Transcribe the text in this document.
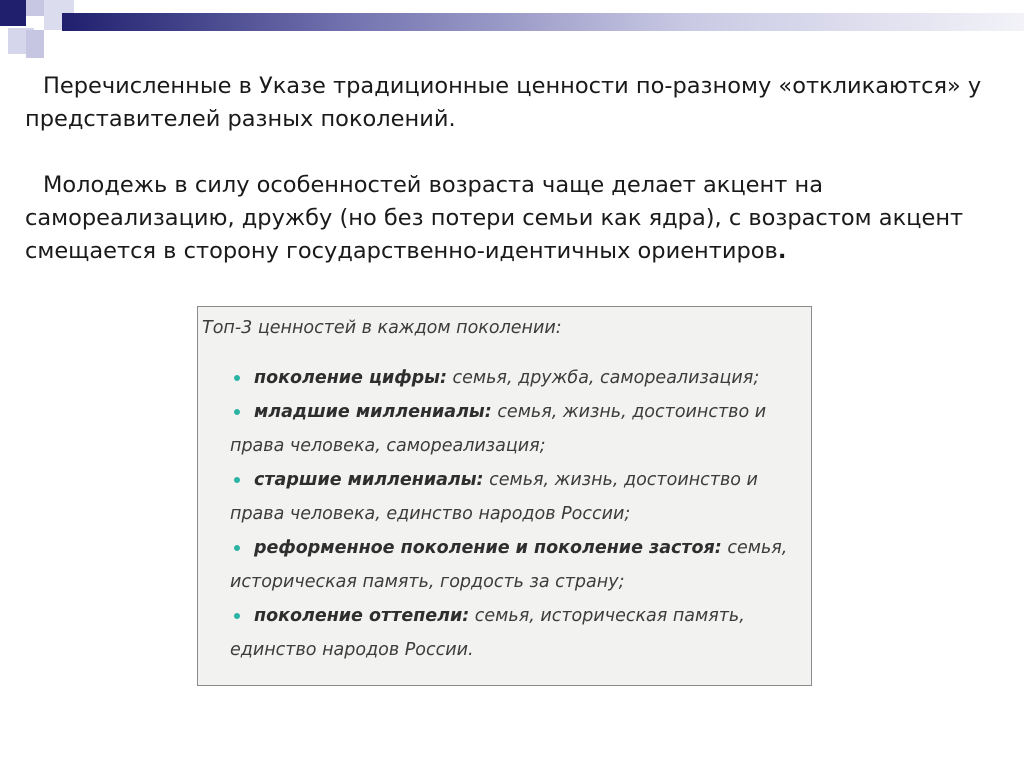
Перечисленные в Указе традиционные ценности по-разному «откликаются» у представителей разных поколений.

Молодежь в силу особенностей возраста чаще делает акцент на самореализацию, дружбу (но без потери семьи как ядра), с возрастом акцент смещается в сторону государственно-идентичных ориентиров.

Топ-3 ценностей в каждом поколении:

поколение цифры: семья, дружба, самореализация;
младшие миллениалы: семья, жизнь, достоинство и права человека, самореализация;
старшие миллениалы: семья, жизнь, достоинство и права человека, единство народов России;
реформенное поколение и поколение застоя: семья, историческая память, гордость за страну;
поколение оттепели: семья, историческая память, единство народов России.
